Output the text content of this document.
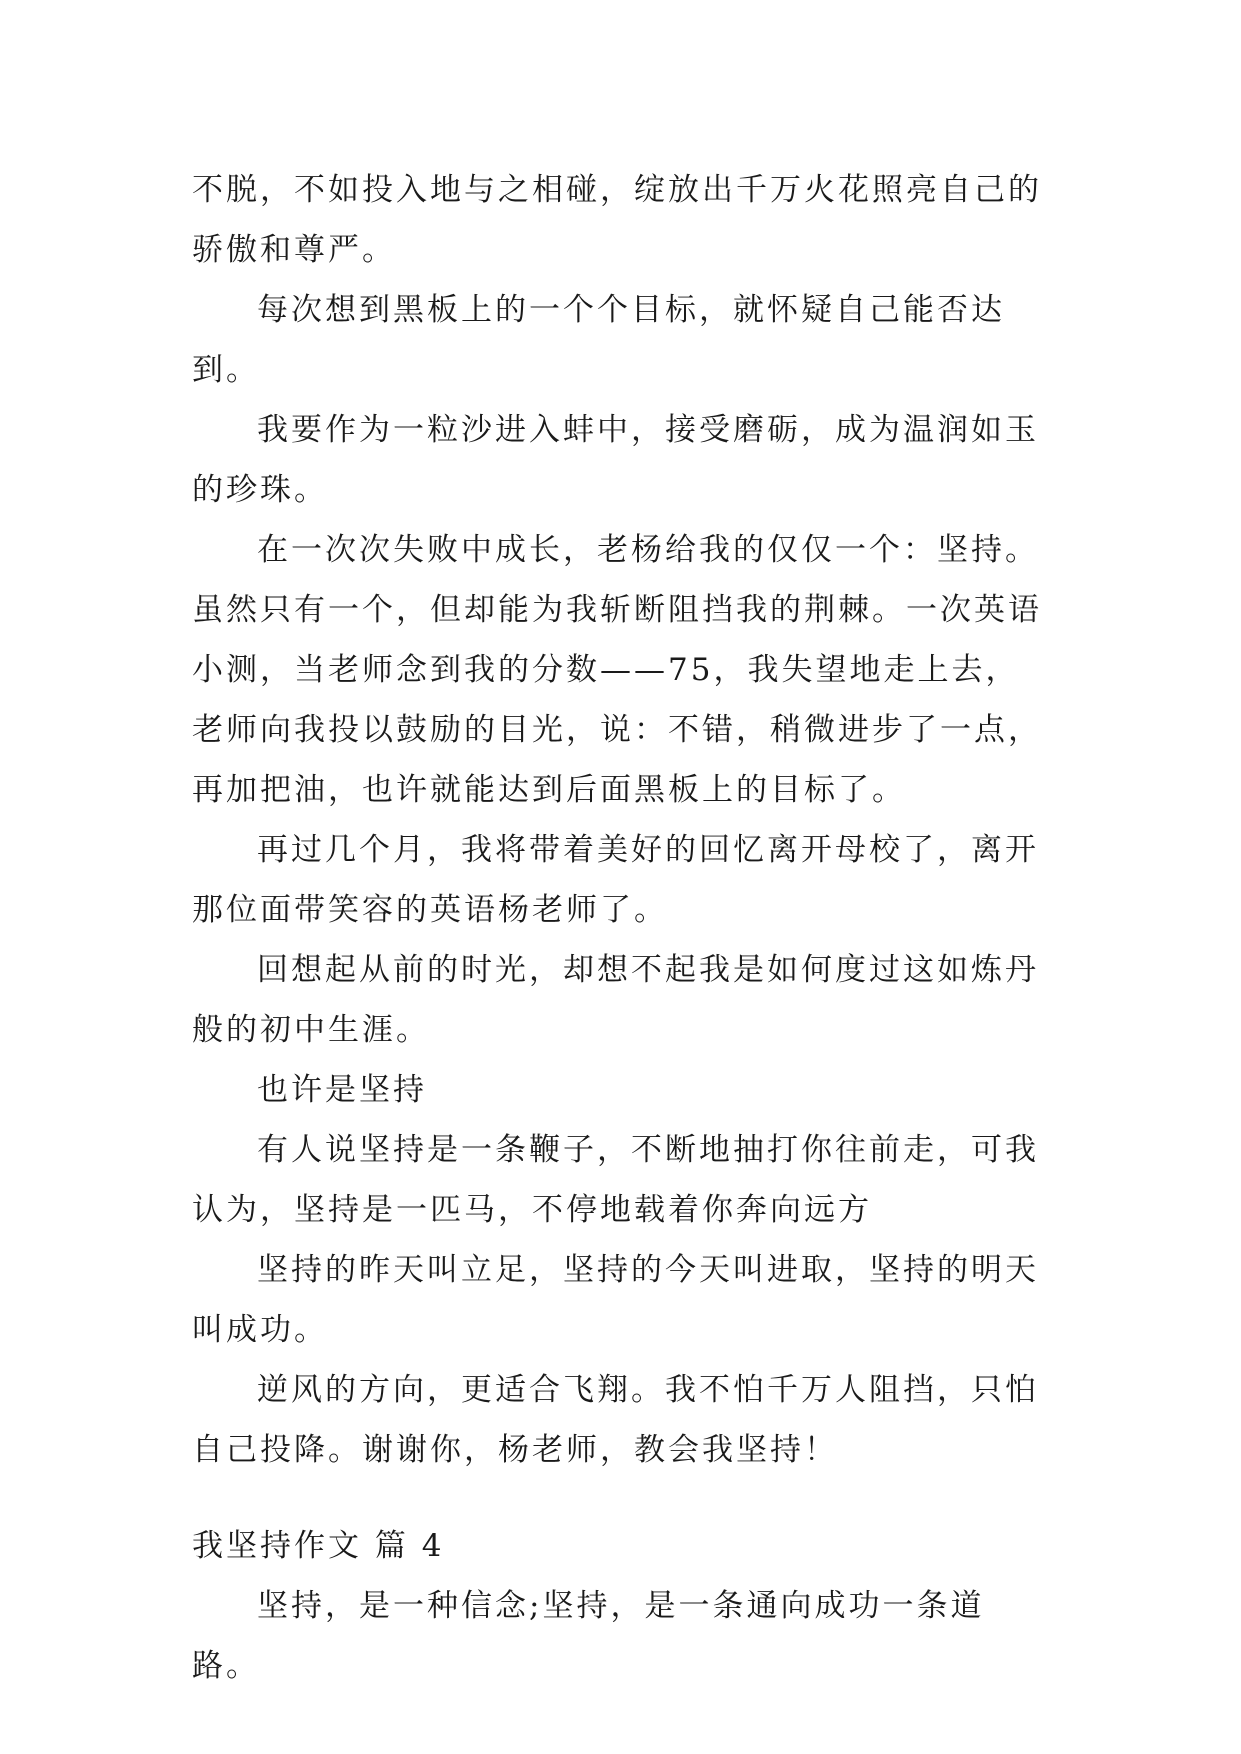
不脱，不如投入地与之相碰，绽放出千万火花照亮自己的骄傲和尊严。

每次想到黑板上的一个个目标，就怀疑自己能否达到。

我要作为一粒沙进入蚌中，接受磨砺，成为温润如玉的珍珠。

在一次次失败中成长，老杨给我的仅仅一个：坚持。虽然只有一个，但却能为我斩断阻挡我的荆棘。一次英语小测，当老师念到我的分数——75，我失望地走上去，老师向我投以鼓励的目光，说：不错，稍微进步了一点，再加把油，也许就能达到后面黑板上的目标了。

再过几个月，我将带着美好的回忆离开母校了，离开那位面带笑容的英语杨老师了。

回想起从前的时光，却想不起我是如何度过这如炼丹般的初中生涯。

也许是坚持

有人说坚持是一条鞭子，不断地抽打你往前走，可我认为，坚持是一匹马，不停地载着你奔向远方

坚持的昨天叫立足，坚持的今天叫进取，坚持的明天叫成功。

逆风的方向，更适合飞翔。我不怕千万人阻挡，只怕自己投降。谢谢你，杨老师，教会我坚持！

我坚持作文 篇 4

坚持，是一种信念;坚持，是一条通向成功一条道路。
